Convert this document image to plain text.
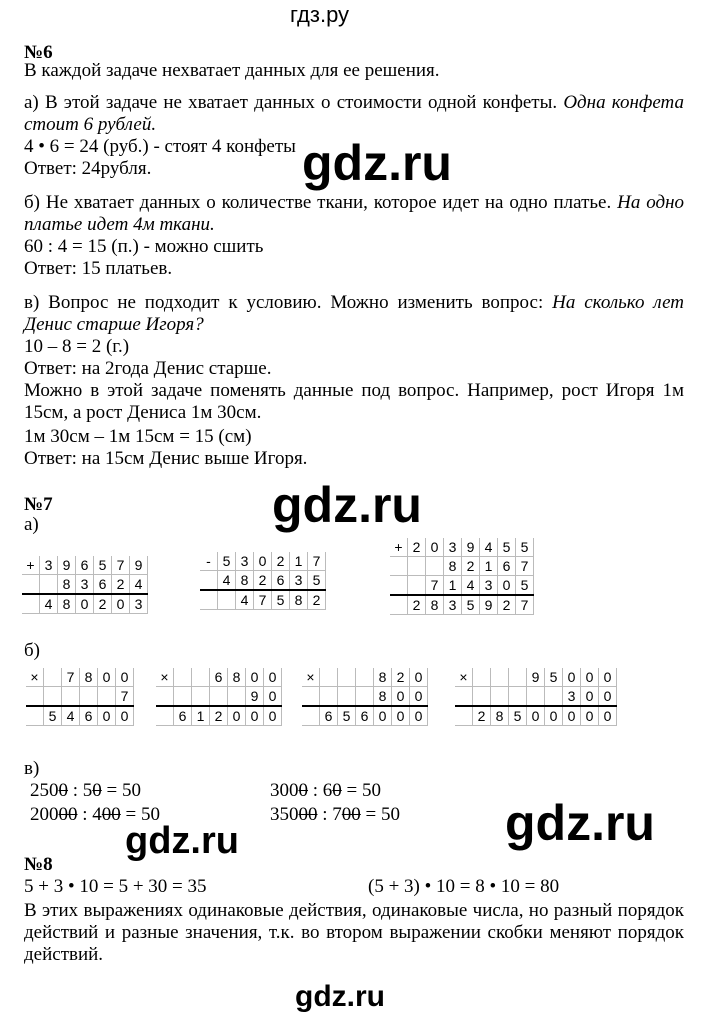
гдз.ру
gdz.ru
gdz.ru
gdz.ru
gdz.ru
gdz.ru
№6
В каждой задаче нехватает данных для ее решения.
а) В этой задаче не хватает данных о стоимости одной конфеты. Одна конфета стоит 6 рублей.
4 • 6 = 24 (руб.) - стоят 4 конфеты
Ответ: 24рубля.
б) Не хватает данных о количестве ткани, которое идет на одно платье. На одно платье идет 4м ткани.
60 : 4 = 15 (п.) - можно сшить
Ответ: 15 платьев.
в) Вопрос не подходит к условию. Можно изменить вопрос: На сколько лет Денис старше Игоря?
10 – 8 = 2 (г.)
Ответ: на 2года Денис старше.
Можно в этой задаче поменять данные под вопрос. Например, рост Игоря 1м 15см, а рост Дениса 1м 30см.
1м 30см – 1м 15см = 15 (см)
Ответ: на 15см Денис выше Игоря.
№7
а)
+	3	9	6	5	7	9
		8	3	6	2	4
	4	8	0	2	0	3
-	5	3	0	2	1	7
	4	8	2	6	3	5
		4	7	5	8	2
+	2	0	3	9	4	5	5
			8	2	1	6	7
		7	1	4	3	0	5
	2	8	3	5	9	2	7
б)
×		7	8	0	0
					7
	5	4	6	0	0
×			6	8	0	0
					9	0
	6	1	2	0	0	0
×				8	2	0
				8	0	0
	6	5	6	0	0	0
×				9	5	0	0	0
						3	0	0
	2	8	5	0	0	0	0	0
в)
2500 : 50 = 50
20000 : 400 = 50
3000 : 60 = 50
35000 : 700 = 50
№8
5 + 3 • 10 = 5 + 30 = 35	(5 + 3) • 10 = 8 • 10 = 80
В этих выражениях одинаковые действия, одинаковые числа, но разный порядок действий и разные значения, т.к. во втором выражении скобки меняют порядок действий.
